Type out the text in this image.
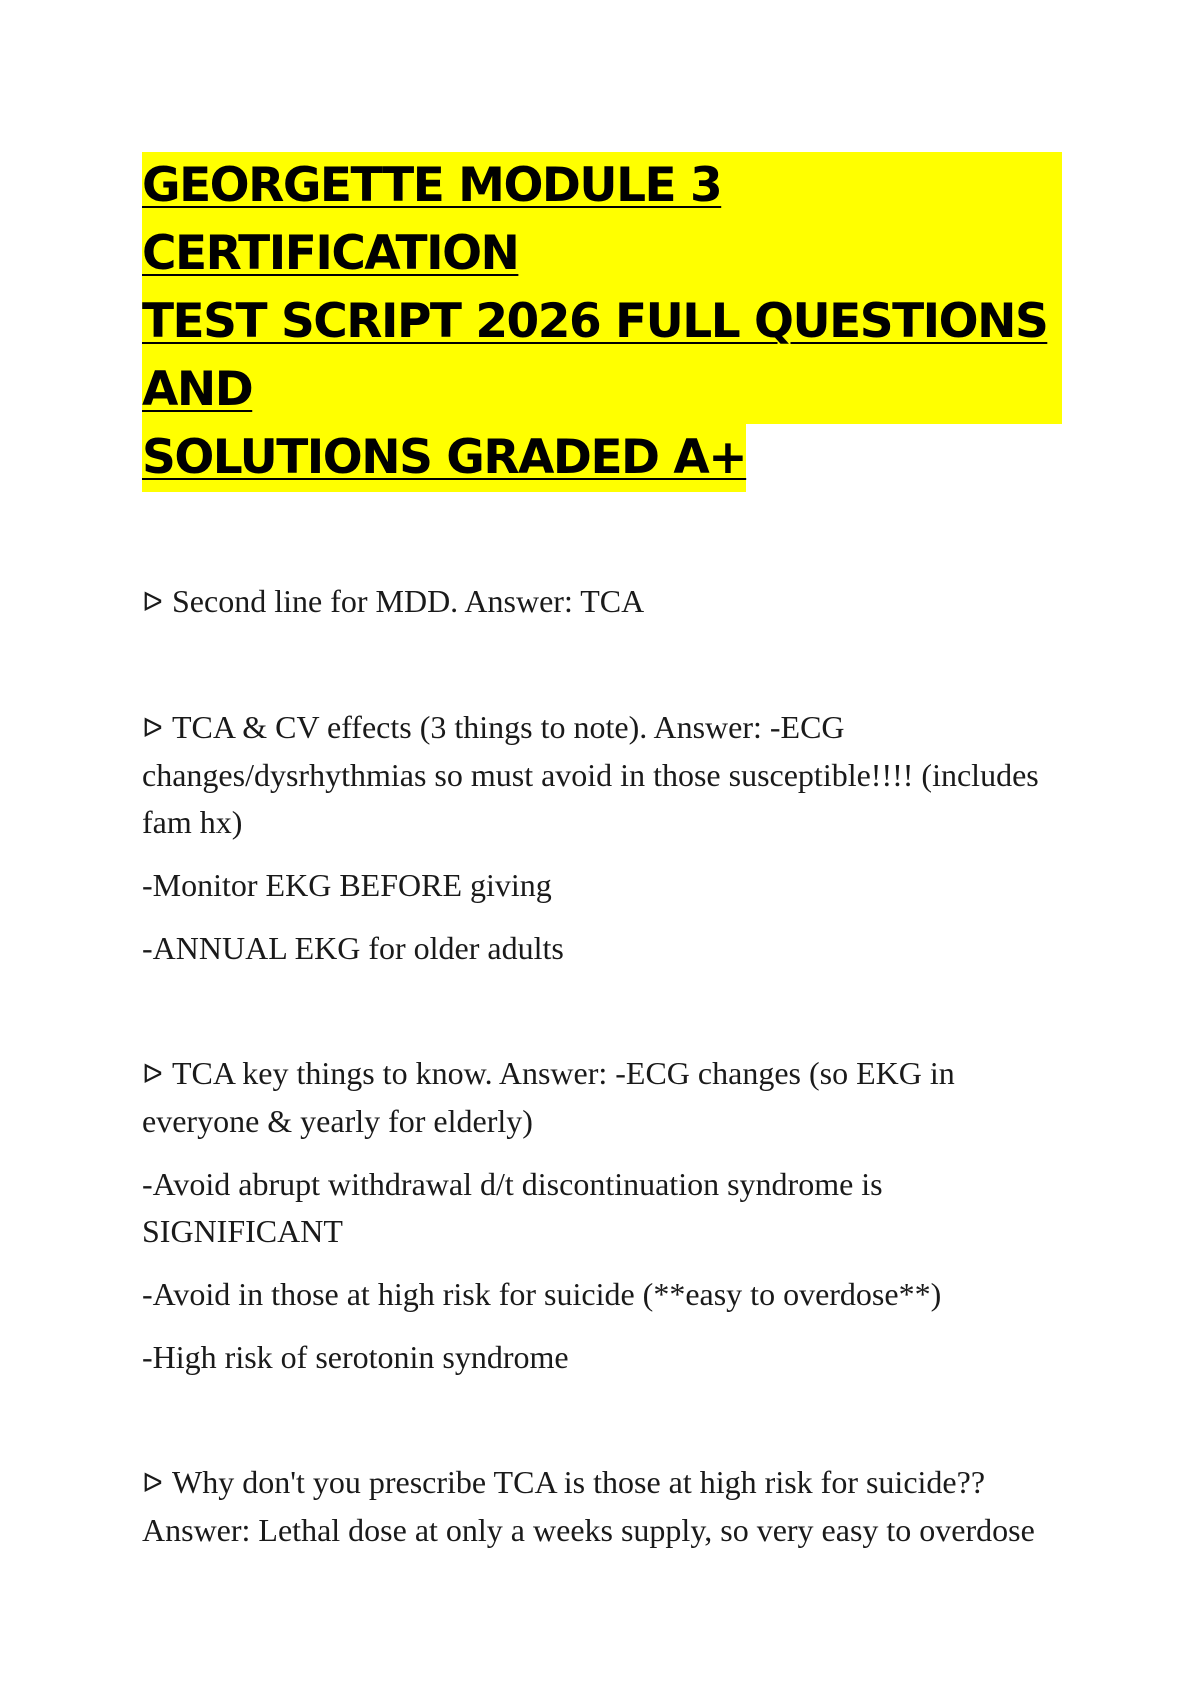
GEORGETTE MODULE 3 CERTIFICATION
TEST SCRIPT 2026 FULL QUESTIONS AND
SOLUTIONS GRADED A+

ᐅ Second line for MDD. Answer: TCA

ᐅ TCA & CV effects (3 things to note). Answer: -ECG changes/dysrhythmias so must avoid in those susceptible!!!! (includes fam hx)

-Monitor EKG BEFORE giving

-ANNUAL EKG for older adults

ᐅ TCA key things to know. Answer: -ECG changes (so EKG in everyone & yearly for elderly)

-Avoid abrupt withdrawal d/t discontinuation syndrome is SIGNIFICANT

-Avoid in those at high risk for suicide (**easy to overdose**)

-High risk of serotonin syndrome

ᐅ Why don't you prescribe TCA is those at high risk for suicide?? Answer: Lethal dose at only a weeks supply, so very easy to overdose
